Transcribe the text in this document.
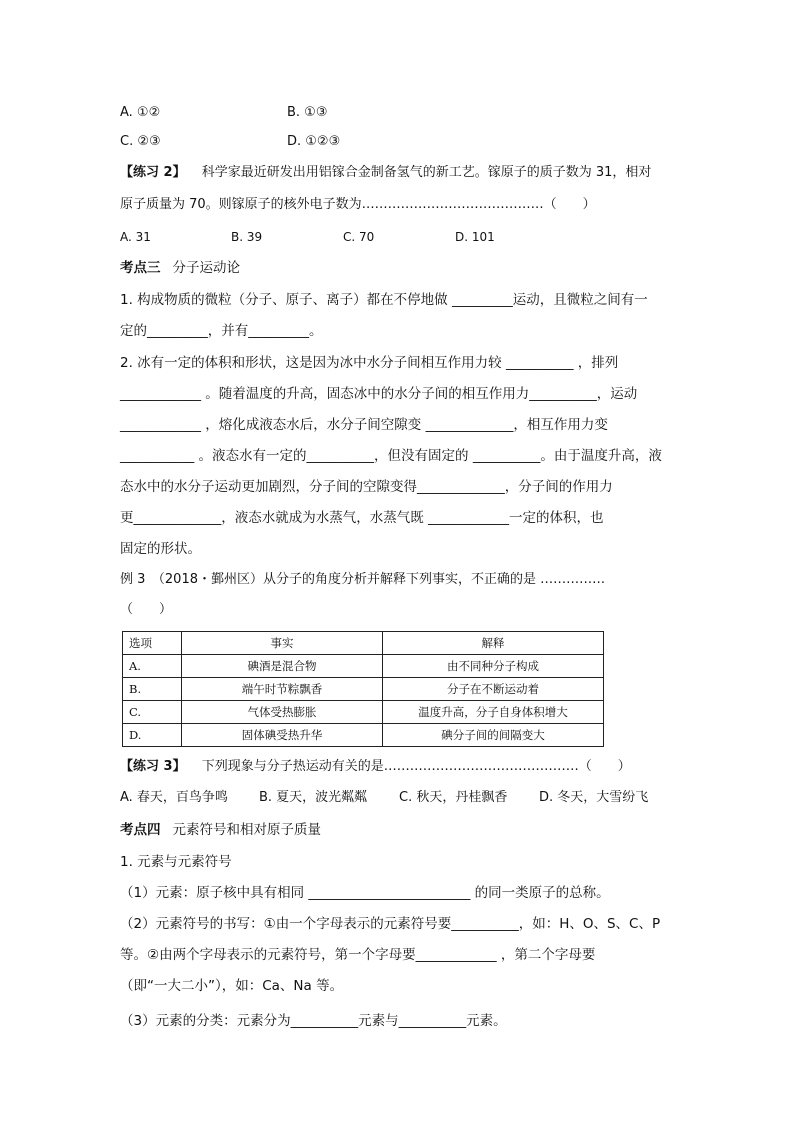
A. ①②	B. ①③
C. ②③	D. ①②③
【练习 2】 科学家最近研发出用铝镓合金制备氢气的新工艺。镓原子的质子数为 31，相对
原子质量为 70。则镓原子的核外电子数为……………………………………（　　）
A. 31	B. 39	C. 70	D. 101
考点三 分子运动论
1. 构成物质的微粒（分子、原子、离子）都在不停地做 _________运动，且微粒之间有一
定的_________，并有_________。
2. 冰有一定的体积和形状，这是因为冰中水分子间相互作用力较 __________ ，排列
____________ 。随着温度的升高，固态冰中的水分子间的相互作用力__________，运动
____________ ，熔化成液态水后，水分子间空隙变 _____________，相互作用力变
___________ 。液态水有一定的__________，但没有固定的 __________。由于温度升高，液
态水中的水分子运动更加剧烈，分子间的空隙变得_____________，分子间的作用力
更_____________，液态水就成为水蒸气，水蒸气既 ____________一定的体积，也
固定的形状。
例 3　（2018・鄞州区）从分子的角度分析并解释下列事实，不正确的是 ……………
（　　）
选项	事实	解释
A.	碘酒是混合物	由不同种分子构成
B.	端午时节粽飘香	分子在不断运动着
C.	气体受热膨胀	温度升高，分子自身体积增大
D.	固体碘受热升华	碘分子间的间隔变大
【练习 3】 下列现象与分子热运动有关的是………………………………………（　　）
A. 春天，百鸟争鸣 B. 夏天，波光粼粼 C. 秋天，丹桂飘香 D. 冬天，大雪纷飞
考点四 元素符号和相对原子质量
1. 元素与元素符号
（1）元素：原子核中具有相同 ________________________ 的同一类原子的总称。
（2）元素符号的书写：①由一个字母表示的元素符号要__________，如：H、O、S、C、P
等。②由两个字母表示的元素符号，第一个字母要____________ ，第二个字母要
（即“一大二小”），如：Ca、Na 等。
（3）元素的分类：元素分为__________元素与__________元素。
